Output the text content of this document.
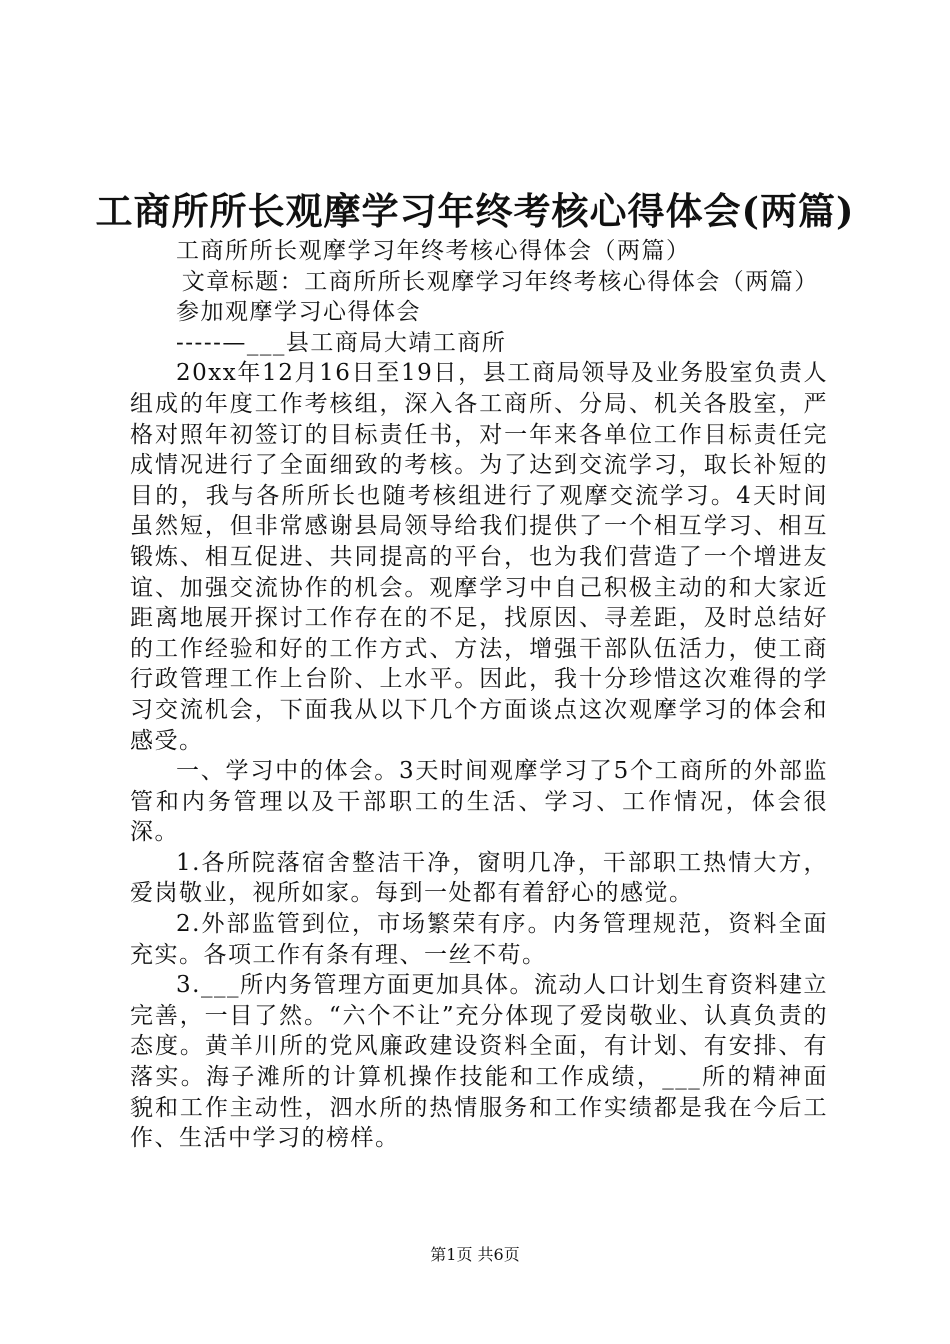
工商所所长观摩学习年终考核心得体会(两篇)

工商所所长观摩学习年终考核心得体会（两篇）

文章标题：工商所所长观摩学习年终考核心得体会（两篇）

参加观摩学习心得体会

-----—___县工商局大靖工商所

20xx年12月16日至19日，县工商局领导及业务股室负责人组成的年度工作考核组，深入各工商所、分局、机关各股室，严格对照年初签订的目标责任书，对一年来各单位工作目标责任完成情况进行了全面细致的考核。为了达到交流学习，取长补短的目的，我与各所所长也随考核组进行了观摩交流学习。4天时间虽然短，但非常感谢县局领导给我们提供了一个相互学习、相互锻炼、相互促进、共同提高的平台，也为我们营造了一个增进友谊、加强交流协作的机会。观摩学习中自己积极主动的和大家近距离地展开探讨工作存在的不足，找原因、寻差距，及时总结好的工作经验和好的工作方式、方法，增强干部队伍活力，使工商行政管理工作上台阶、上水平。因此，我十分珍惜这次难得的学习交流机会，下面我从以下几个方面谈点这次观摩学习的体会和感受。

一、学习中的体会。3天时间观摩学习了5个工商所的外部监管和内务管理以及干部职工的生活、学习、工作情况，体会很深。

1.各所院落宿舍整洁干净，窗明几净，干部职工热情大方，爱岗敬业，视所如家。每到一处都有着舒心的感觉。

2.外部监管到位，市场繁荣有序。内务管理规范，资料全面充实。各项工作有条有理、一丝不苟。

3.___所内务管理方面更加具体。流动人口计划生育资料建立完善，一目了然。“六个不让”充分体现了爱岗敬业、认真负责的态度。黄羊川所的党风廉政建设资料全面，有计划、有安排、有落实。海子滩所的计算机操作技能和工作成绩，___所的精神面貌和工作主动性，泗水所的热情服务和工作实绩都是我在今后工作、生活中学习的榜样。

第1页 共6页
